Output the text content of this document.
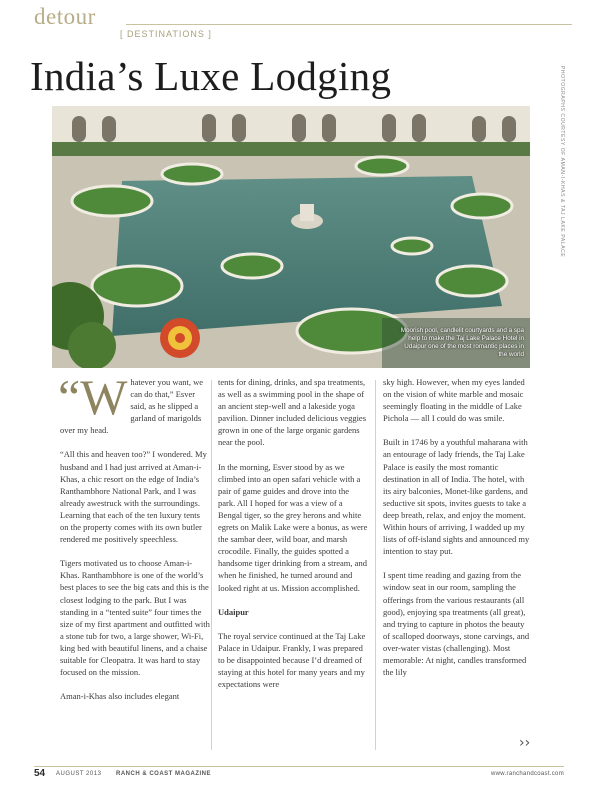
detour
[ DESTINATIONS ]
India’s Luxe Lodging	PHOTOGRAPHS COURTESY OF AMAN-I-KHAS & TAJ LAKE PALACE
Moorish pool, candlelit courtyards and a spa help to make the Taj Lake Palace Hotel in Udaipur one of the most romantic places in the world

“Whatever you want, we can do that,” Esver said, as he slipped a garland of marigolds over my head.

“All this and heaven too?” I wondered. My husband and I had just arrived at Aman-i-Khas, a chic resort on the edge of India’s Ranthambhore National Park, and I was already awestruck with the surroundings. Learning that each of the ten luxury tents on the property comes with its own butler rendered me positively speechless.

Tigers motivated us to choose Aman-i-Khas. Ranthambhore is one of the world’s best places to see the big cats and this is the closest lodging to the park. But I was standing in a “tented suite” four times the size of my first apartment and outfitted with a stone tub for two, a large shower, Wi-Fi, king bed with beautiful linens, and a chaise suitable for Cleopatra. It was hard to stay focused on the mission.

Aman-i-Khas also includes elegant

tents for dining, drinks, and spa treatments, as well as a swimming pool in the shape of an ancient step-well and a lakeside yoga pavilion. Dinner included delicious veggies grown in one of the large organic gardens near the pool.

In the morning, Esver stood by as we climbed into an open safari vehicle with a pair of game guides and drove into the park. All I hoped for was a view of a Bengal tiger, so the grey herons and white egrets on Malik Lake were a bonus, as were the sambar deer, wild boar, and marsh crocodile. Finally, the guides spotted a handsome tiger drinking from a stream, and when he finished, he turned around and looked right at us. Mission accomplished.

Udaipur

The royal service continued at the Taj Lake Palace in Udaipur. Frankly, I was prepared to be disappointed because I’d dreamed of staying at this hotel for many years and my expectations were

sky high. However, when my eyes landed on the vision of white marble and mosaic seemingly floating in the middle of Lake Pichola — all I could do was smile.

Built in 1746 by a youthful maharana with an entourage of lady friends, the Taj Lake Palace is easily the most romantic destination in all of India. The hotel, with its airy balconies, Monet-like gardens, and seductive sit spots, invites guests to take a deep breath, relax, and enjoy the moment. Within hours of arriving, I wadded up my lists of off-island sights and announced my intention to stay put.

I spent time reading and gazing from the window seat in our room, sampling the offerings from the various restaurants (all good), enjoying spa treatments (all great), and trying to capture in photos the beauty of scalloped doorways, stone carvings, and over-water vistas (challenging). Most memorable: At night, candles transformed the lily

››
54 AUGUST 2013 RANCH & COAST MAGAZINE	www.ranchandcoast.com
